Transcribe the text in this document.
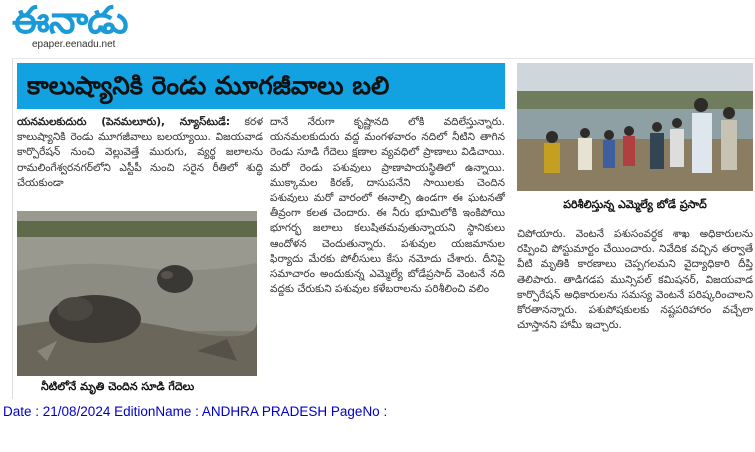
ఈనాడు
epaper.eenadu.net
కాలుష్యానికి రెండు మూగజీవాలు బలి

యనమలకుదురు (పెనమలూరు), న్యూస్‌టుడే: కరళ కాలుష్యానికి రెండు మూగజీవాలు బలయ్యాయి. విజయవాడ కార్పొరేషన్ నుంచి వెల్లువెత్తే మురుగు, వ్యర్థ జలాలను రామలింగేశ్వరనగర్‌లోని ఎస్టీపీ నుంచి సరైన రీతిలో శుద్ధి చేయకుండా

నీటిలోనే మృతి చెందిన సూడి గేదెలు

దానే నేరుగా కృష్ణానది లోకి వదిలేస్తున్నారు. యనమలకుదురు వద్ద మంగళవారం నదిలో నీటిని తాగిన రెండు సూడి గేదెలు క్షణాల వ్యవధిలో ప్రాణాలు విడిచాయి. మరో రెండు పశువులు ప్రాణాపాయస్థితిలో ఉన్నాయి. ముక్కామల కిరణ్, దాసుపనేని సాయిలకు చెందిన పశువులు మరో వారంలో ఈనాల్సి ఉండగా ఈ ఘటనతో తీవ్రంగా కలత చెందారు. ఈ నీరు భూమిలోకి ఇంకిపోయి భూగర్భ జలాలు కలుషితమవుతున్నాయని స్థానికులు ఆందోళన చెందుతున్నారు. పశువుల యజమానుల ఫిర్యాదు మేరకు పోలీసులు కేసు నమోదు చేశారు. దీనిపై సమాచారం అందుకున్న ఎమ్మెల్యే బోడేప్రసాద్ వెంటనే నది వద్దకు చేరుకుని పశువుల కళేబరాలను పరిశీలించి వలిం

పరిశీలిస్తున్న ఎమ్మెల్యే బోడే ప్రసాద్

చిపోయారు. వెంటనే పశుసంవర్ధక శాఖ అధికారులను రప్పించి పోస్టుమార్టం చేయించారు. నివేదిక వచ్చిన తర్వాతే వీటి మృతికి కారణాలు చెప్పగలమని వైద్యాధికారి దీప్తి తెలిపారు. తాడిగడప మున్సిపల్ కమిషనర్, విజయవాడ కార్పొరేషన్ అధికారులను సమస్య వెంటనే పరిష్కరించాలని కోరతానన్నారు. పశుపోషకులకు నష్టపరిహారం వచ్చేలా చూస్తానని హామీ ఇచ్చారు.

Date : 21/08/2024 EditionName : ANDHRA PRADESH PageNo :
